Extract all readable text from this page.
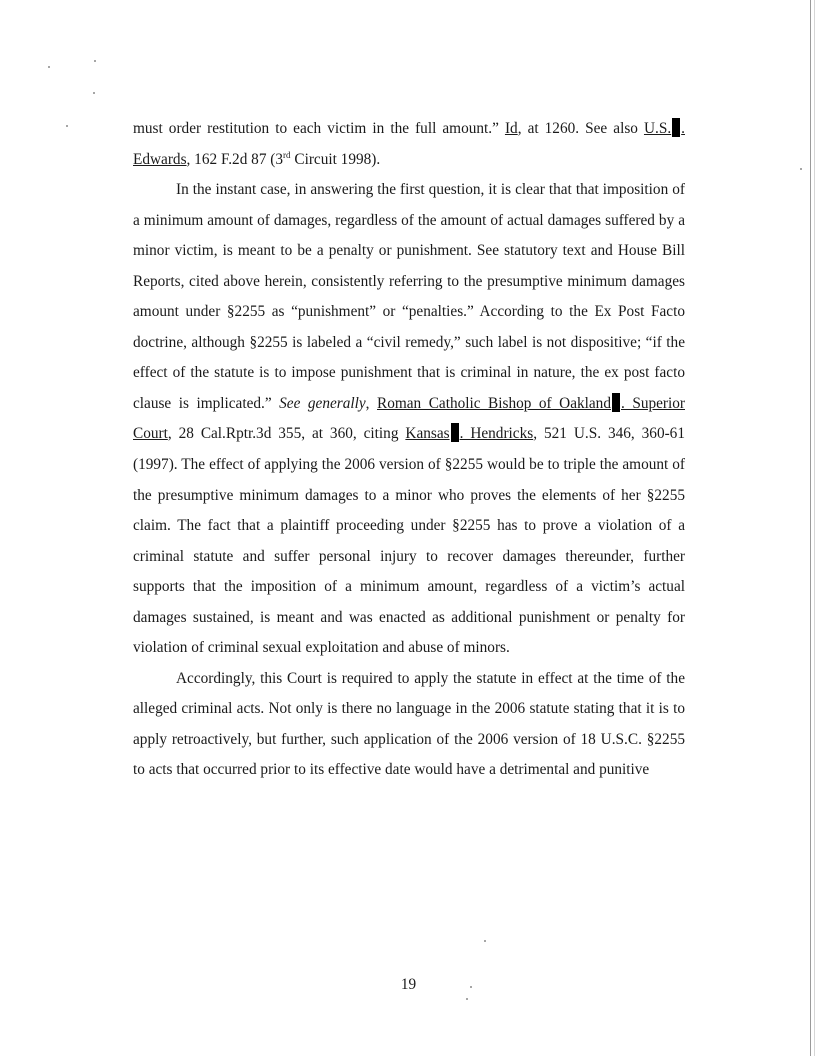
must order restitution to each victim in the full amount.” Id, at 1260. See also U.S. . Edwards, 162 F.2d 87 (3rd Circuit 1998).

In the instant case, in answering the first question, it is clear that that imposition of a minimum amount of damages, regardless of the amount of actual damages suffered by a minor victim, is meant to be a penalty or punishment. See statutory text and House Bill Reports, cited above herein, consistently referring to the presumptive minimum damages amount under §2255 as “punishment” or “penalties.” According to the Ex Post Facto doctrine, although §2255 is labeled a “civil remedy,” such label is not dispositive; “if the effect of the statute is to impose punishment that is criminal in nature, the ex post facto clause is implicated.” See generally, Roman Catholic Bishop of Oakland . Superior Court, 28 Cal.Rptr.3d 355, at 360, citing Kansas . Hendricks, 521 U.S. 346, 360-61 (1997). The effect of applying the 2006 version of §2255 would be to triple the amount of the presumptive minimum damages to a minor who proves the elements of her §2255 claim. The fact that a plaintiff proceeding under §2255 has to prove a violation of a criminal statute and suffer personal injury to recover damages thereunder, further supports that the imposition of a minimum amount, regardless of a victim’s actual damages sustained, is meant and was enacted as additional punishment or penalty for violation of criminal sexual exploitation and abuse of minors.

Accordingly, this Court is required to apply the statute in effect at the time of the alleged criminal acts. Not only is there no language in the 2006 statute stating that it is to apply retroactively, but further, such application of the 2006 version of 18 U.S.C. §2255 to acts that occurred prior to its effective date would have a detrimental and punitive

19
